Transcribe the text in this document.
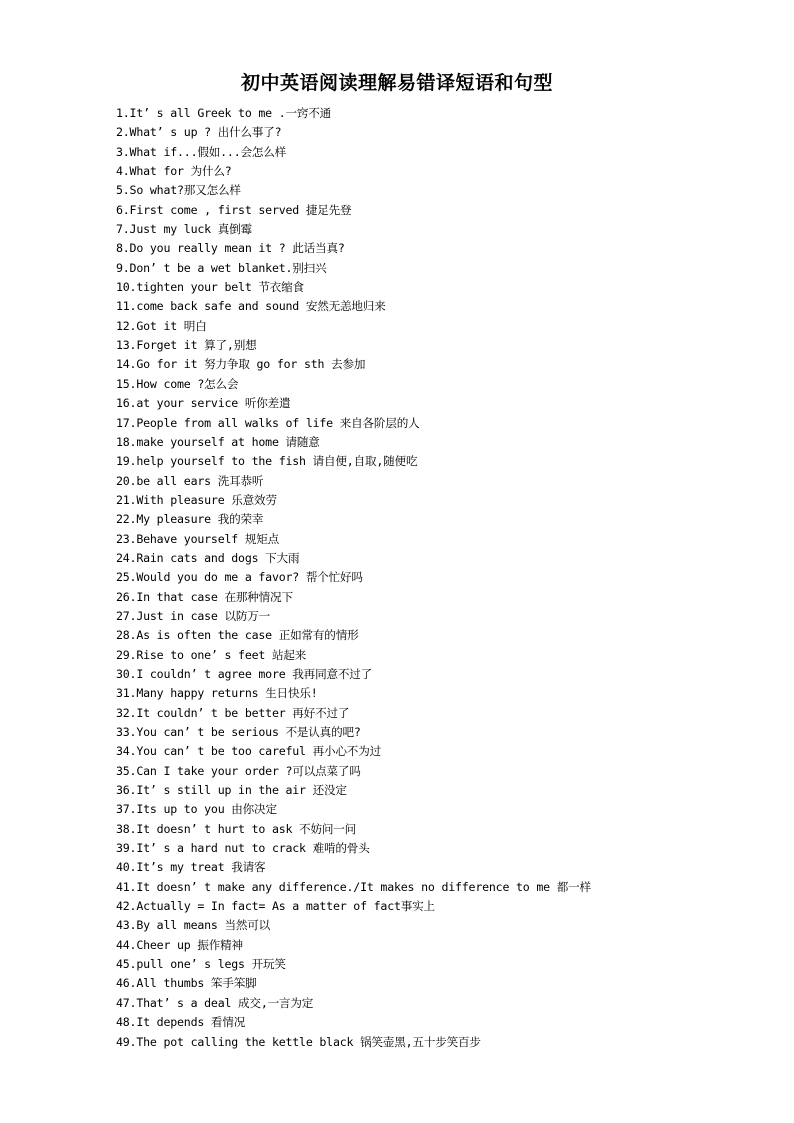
初中英语阅读理解易错译短语和句型
1.It’ s all Greek to me .一窍不通
2.What’ s up ? 出什么事了?
3.What if...假如...会怎么样
4.What for 为什么?
5.So what?那又怎么样
6.First come , first served 捷足先登
7.Just my luck 真倒霉
8.Do you really mean it ? 此话当真?
9.Don’ t be a wet blanket.别扫兴
10.tighten your belt 节衣缩食
11.come back safe and sound 安然无恙地归来
12.Got it 明白
13.Forget it 算了,别想
14.Go for it 努力争取 go for sth 去参加
15.How come ?怎么会
16.at your service 听你差遣
17.People from all walks of life 来自各阶层的人
18.make yourself at home 请随意
19.help yourself to the fish 请自便,自取,随便吃
20.be all ears 洗耳恭听
21.With pleasure 乐意效劳
22.My pleasure 我的荣幸
23.Behave yourself 规矩点
24.Rain cats and dogs 下大雨
25.Would you do me a favor? 帮个忙好吗
26.In that case 在那种情况下
27.Just in case 以防万一
28.As is often the case 正如常有的情形
29.Rise to one’ s feet 站起来
30.I couldn’ t agree more 我再同意不过了
31.Many happy returns 生日快乐!
32.It couldn’ t be better 再好不过了
33.You can’ t be serious 不是认真的吧?
34.You can’ t be too careful 再小心不为过
35.Can I take your order ?可以点菜了吗
36.It’ s still up in the air 还没定
37.Its up to you 由你决定
38.It doesn’ t hurt to ask 不妨问一问
39.It’ s a hard nut to crack 难啃的骨头
40.It’s my treat 我请客
41.It doesn’ t make any difference./It makes no difference to me 都一样
42.Actually = In fact= As a matter of fact事实上
43.By all means 当然可以
44.Cheer up 振作精神
45.pull one’ s legs 开玩笑
46.All thumbs 笨手笨脚
47.That’ s a deal 成交,一言为定
48.It depends 看情况
49.The pot calling the kettle black 锅笑壶黑,五十步笑百步
